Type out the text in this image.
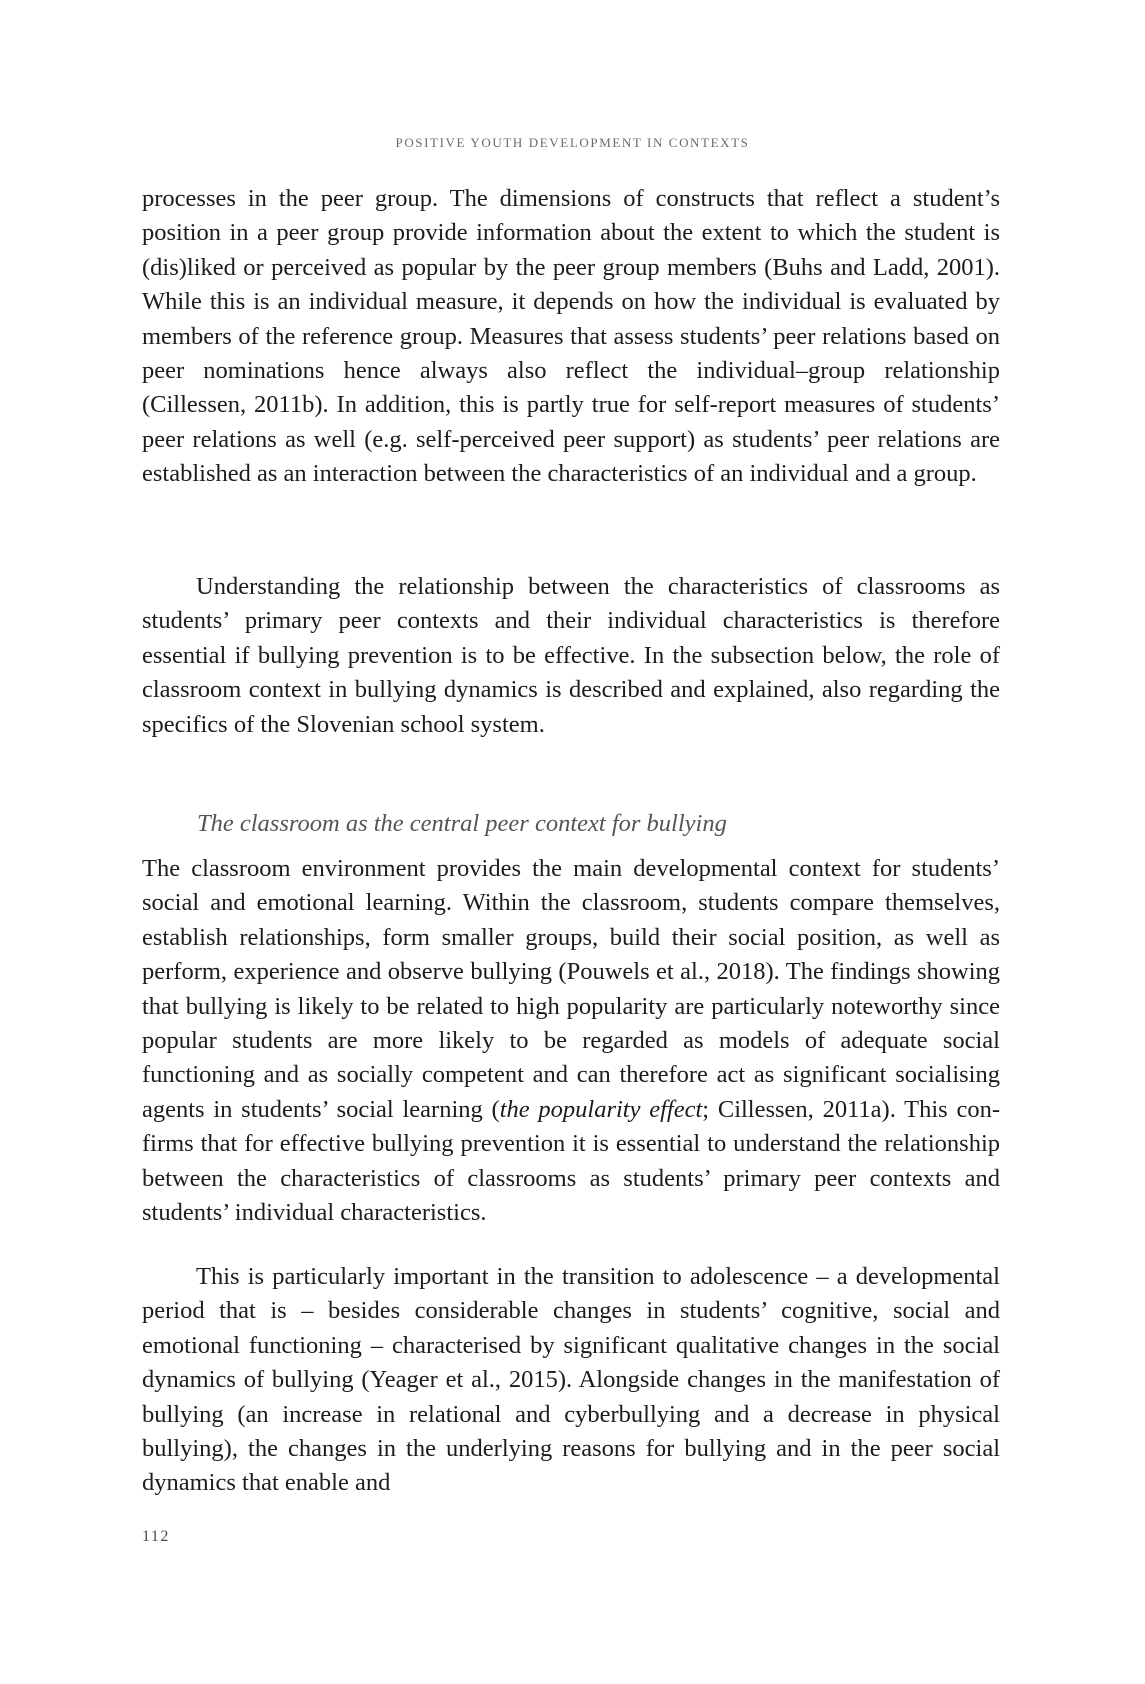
POSITIVE YOUTH DEVELOPMENT IN CONTEXTS

processes in the peer group. The dimensions of constructs that reflect a student’s position in a peer group provide information about the extent to which the student is (dis)liked or perceived as popular by the peer group members (Buhs and Ladd, 2001). While this is an individual measure, it depends on how the individual is evaluated by members of the reference group. Measures that assess students’ peer relations based on peer nominations hence always also reflect the individual–group relationship (Cillessen, 2011b). In addition, this is partly true for self-report measures of students’ peer relations as well (e.g. self-perceived peer support) as students’ peer relations are established as an interaction between the characteristics of an individual and a group.

Understanding the relationship between the characteristics of classrooms as students’ primary peer contexts and their individual characteristics is therefore essential if bullying prevention is to be effective. In the subsection below, the role of classroom context in bullying dynamics is described and explained, also regarding the specifics of the Slovenian school system.

The classroom as the central peer context for bullying

The classroom environment provides the main developmental context for students’ social and emotional learning. Within the classroom, students compare themselves, establish relationships, form smaller groups, build their social position, as well as perform, experience and observe bullying (Pouwels et al., 2018). The findings showing that bullying is likely to be related to high popularity are particularly noteworthy since popular students are more likely to be regarded as models of adequate social functioning and as socially competent and can therefore act as significant socialising agents in students’ social learning (the popularity effect; Cillessen, 2011a). This confirms that for effective bullying prevention it is essential to understand the relationship between the characteristics of classrooms as students’ primary peer contexts and students’ individual characteristics.

This is particularly important in the transition to adolescence – a developmental period that is – besides considerable changes in students’ cognitive, social and emotional functioning – characterised by significant qualitative changes in the social dynamics of bullying (Yeager et al., 2015). Alongside changes in the manifestation of bullying (an increase in relational and cyberbullying and a decrease in physical bullying), the changes in the underlying reasons for bullying and in the peer social dynamics that enable and

112
